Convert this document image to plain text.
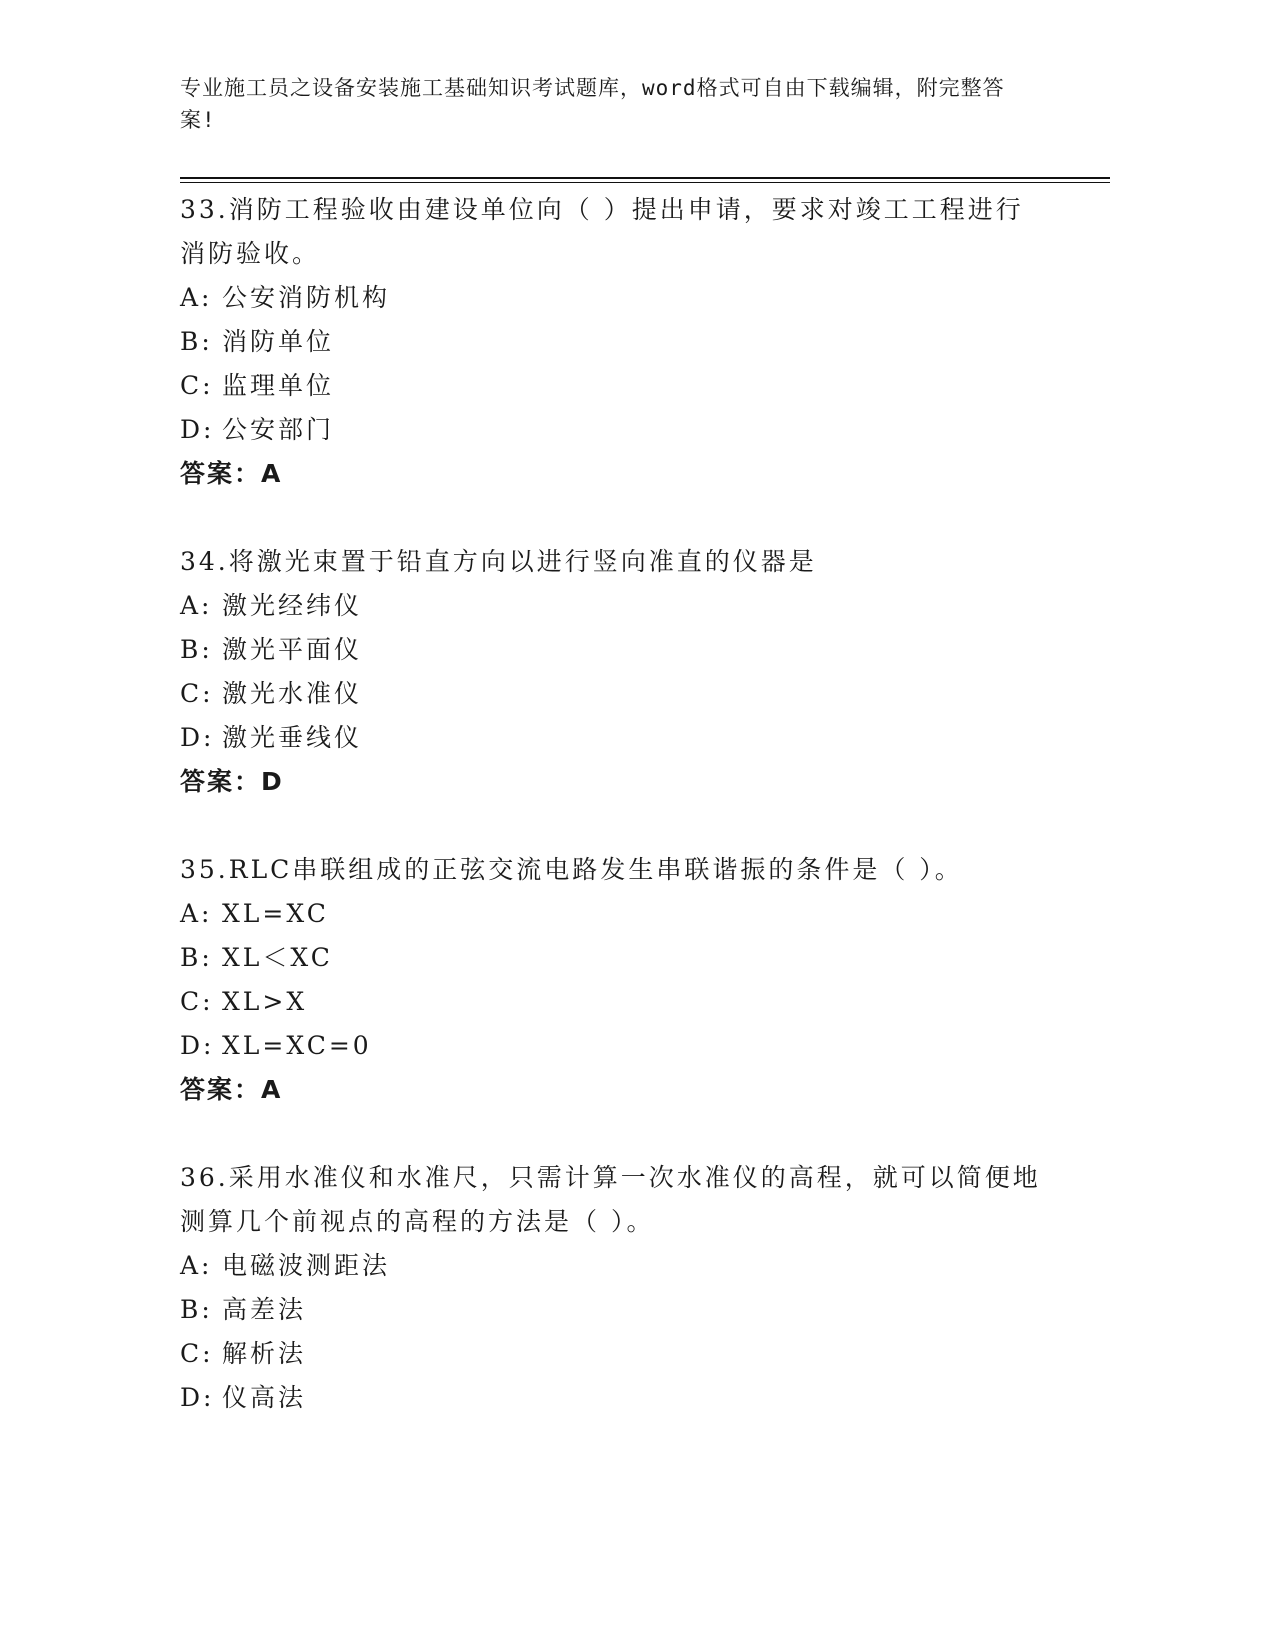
专业施工员之设备安装施工基础知识考试题库，word格式可自由下载编辑，附完整答案!
33.消防工程验收由建设单位向（ ）提出申请，要求对竣工工程进行消防验收。
A: 公安消防机构
B: 消防单位
C: 监理单位
D: 公安部门
答案：A
34.将激光束置于铅直方向以进行竖向准直的仪器是
A: 激光经纬仪
B: 激光平面仪
C: 激光水准仪
D: 激光垂线仪
答案：D
35.RLC串联组成的正弦交流电路发生串联谐振的条件是（ ）。
A: XL=XC
B: XL＜XC
C: XL>X
D: XL=XC=0
答案：A
36.采用水准仪和水准尺，只需计算一次水准仪的高程，就可以简便地测算几个前视点的高程的方法是（ ）。
A: 电磁波测距法
B: 高差法
C: 解析法
D: 仪高法
